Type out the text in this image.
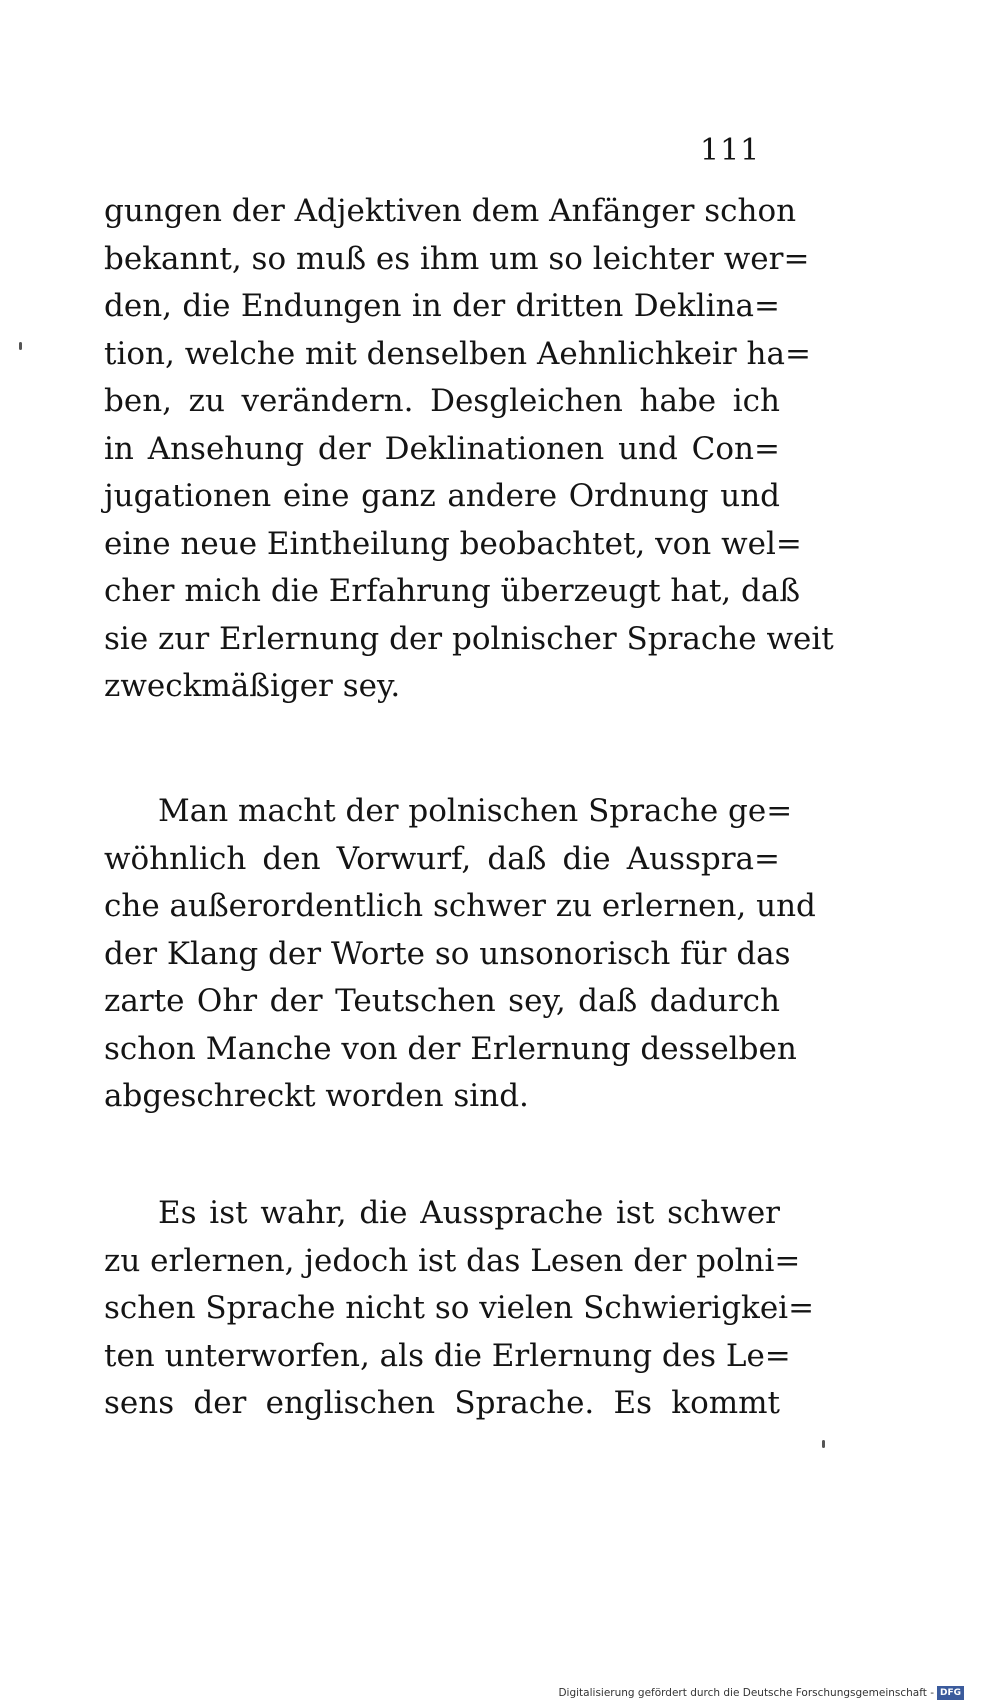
111
gungen der Adjektiven dem Anfänger schon
bekannt, so muß es ihm um so leichter wer=
den, die Endungen in der dritten Deklina=
tion, welche mit denselben Aehnlichkeir ha=
ben, zu verändern. Desgleichen habe ich
in Ansehung der Deklinationen und Con=
jugationen eine ganz andere Ordnung und
eine neue Eintheilung beobachtet, von wel=
cher mich die Erfahrung überzeugt hat, daß
sie zur Erlernung der polnischer Sprache weit
zweckmäßiger sey.
Man macht der polnischen Sprache ge=
wöhnlich den Vorwurf, daß die Ausspra=
che außerordentlich schwer zu erlernen, und
der Klang der Worte so unsonorisch für das
zarte Ohr der Teutschen sey, daß dadurch
schon Manche von der Erlernung desselben
abgeschreckt worden sind.
Es ist wahr, die Aussprache ist schwer
zu erlernen, jedoch ist das Lesen der polni=
schen Sprache nicht so vielen Schwierigkei=
ten unterworfen, als die Erlernung des Le=
sens der englischen Sprache. Es kommt
Digitalisierung gefördert durch die Deutsche Forschungsgemeinschaft - DFG
